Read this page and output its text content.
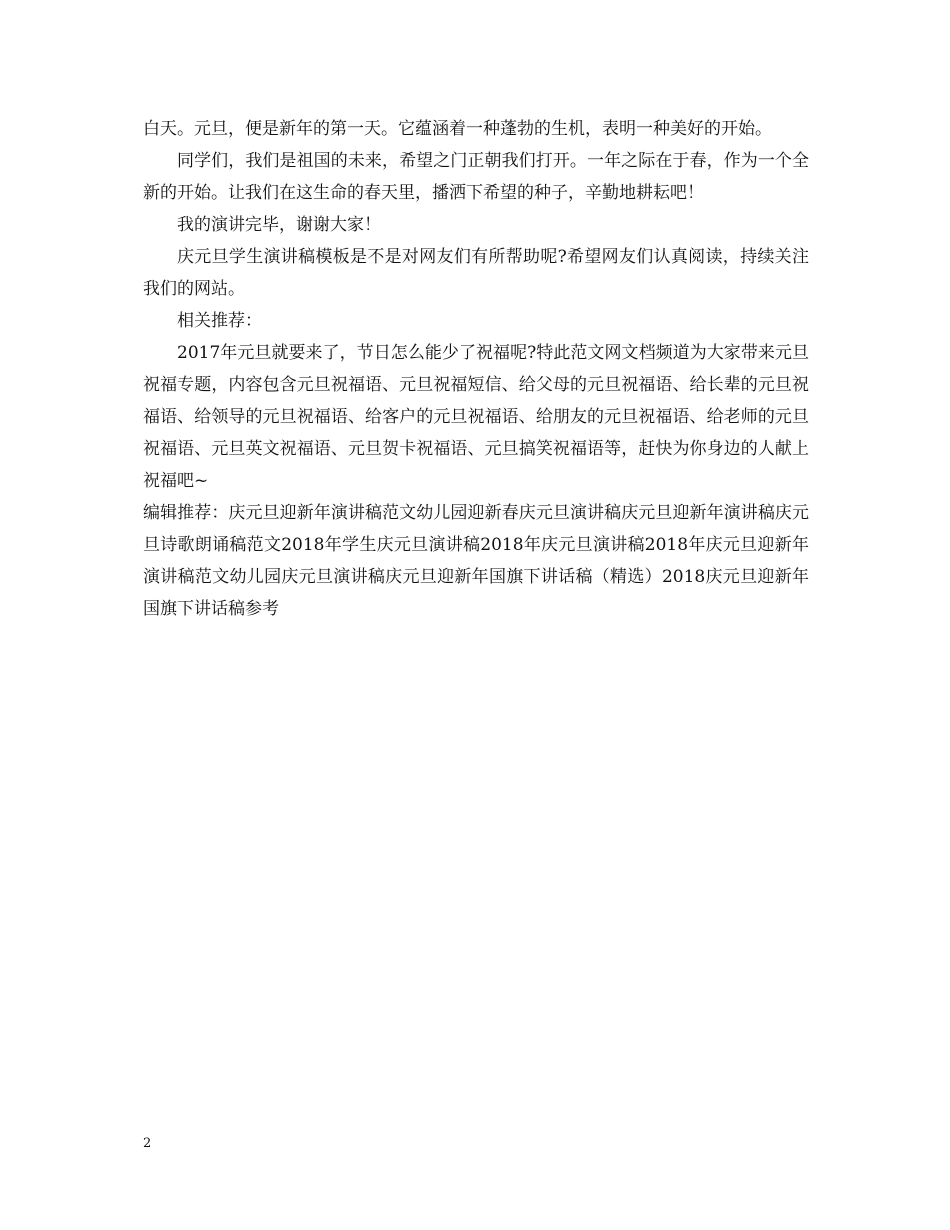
白天。元旦，便是新年的第一天。它蕴涵着一种蓬勃的生机，表明一种美好的开始。

同学们，我们是祖国的未来，希望之门正朝我们打开。一年之际在于春，作为一个全新的开始。让我们在这生命的春天里，播洒下希望的种子，辛勤地耕耘吧！

我的演讲完毕，谢谢大家！

庆元旦学生演讲稿模板是不是对网友们有所帮助呢?希望网友们认真阅读，持续关注我们的网站。

相关推荐：

2017年元旦就要来了，节日怎么能少了祝福呢?特此范文网文档频道为大家带来元旦祝福专题，内容包含元旦祝福语、元旦祝福短信、给父母的元旦祝福语、给长辈的元旦祝福语、给领导的元旦祝福语、给客户的元旦祝福语、给朋友的元旦祝福语、给老师的元旦祝福语、元旦英文祝福语、元旦贺卡祝福语、元旦搞笑祝福语等，赶快为你身边的人献上祝福吧~

编辑推荐：庆元旦迎新年演讲稿范文幼儿园迎新春庆元旦演讲稿庆元旦迎新年演讲稿庆元旦诗歌朗诵稿范文2018年学生庆元旦演讲稿2018年庆元旦演讲稿2018年庆元旦迎新年演讲稿范文幼儿园庆元旦演讲稿庆元旦迎新年国旗下讲话稿（精选）2018庆元旦迎新年国旗下讲话稿参考

2
